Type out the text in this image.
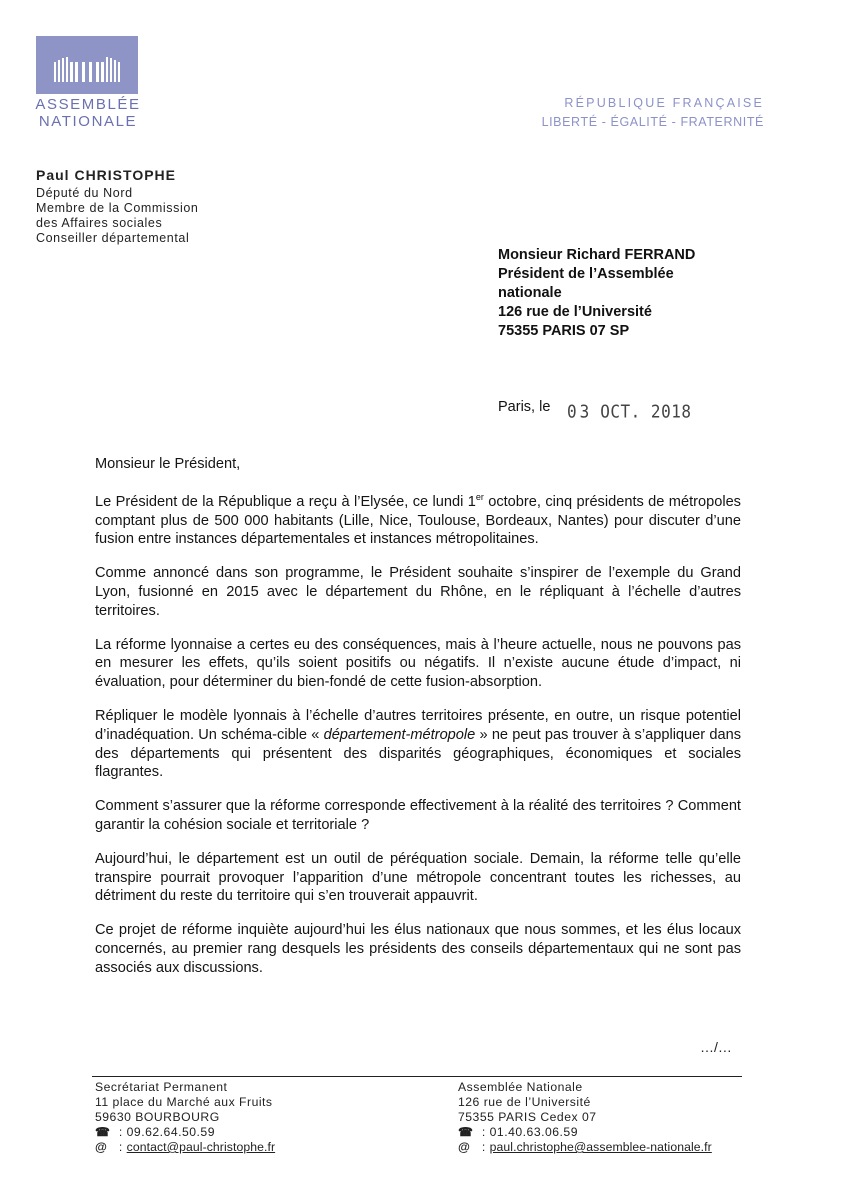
ASSEMBLÉE
NATIONALE
RÉPUBLIQUE FRANÇAISE
LIBERTÉ - ÉGALITÉ - FRATERNITÉ
Paul CHRISTOPHE
Député du Nord
Membre de la Commission
des Affaires sociales
Conseiller départemental
Monsieur Richard FERRAND
Président de l’Assemblée
nationale
126 rue de l’Université
75355 PARIS 07 SP
Paris, le 03 OCT. 2018

Monsieur le Président,

Le Président de la République a reçu à l’Elysée, ce lundi 1er octobre, cinq présidents de métropoles comptant plus de 500 000 habitants (Lille, Nice, Toulouse, Bordeaux, Nantes) pour discuter d’une fusion entre instances départementales et instances métropolitaines.

Comme annoncé dans son programme, le Président souhaite s’inspirer de l’exemple du Grand Lyon, fusionné en 2015 avec le département du Rhône, en le répliquant à l’échelle d’autres territoires.

La réforme lyonnaise a certes eu des conséquences, mais à l’heure actuelle, nous ne pouvons pas en mesurer les effets, qu’ils soient positifs ou négatifs. Il n’existe aucune étude d’impact, ni évaluation, pour déterminer du bien-fondé de cette fusion-absorption.

Répliquer le modèle lyonnais à l’échelle d’autres territoires présente, en outre, un risque potentiel d’inadéquation. Un schéma-cible « département-métropole » ne peut pas trouver à s’appliquer dans des départements qui présentent des disparités géographiques, économiques et sociales flagrantes.

Comment s’assurer que la réforme corresponde effectivement à la réalité des territoires ? Comment garantir la cohésion sociale et territoriale ?

Aujourd’hui, le département est un outil de péréquation sociale. Demain, la réforme telle qu’elle transpire pourrait provoquer l’apparition d’une métropole concentrant toutes les richesses, au détriment du reste du territoire qui s’en trouverait appauvrit.

Ce projet de réforme inquiète aujourd’hui les élus nationaux que nous sommes, et les élus locaux concernés, au premier rang desquels les présidents des conseils départementaux qui ne sont pas associés aux discussions.

…/…
Secrétariat Permanent
11 place du Marché aux Fruits
59630 BOURBOURG
☎ : 09.62.64.50.59
@ : contact@paul-christophe.fr
Assemblée Nationale
126 rue de l’Université
75355 PARIS Cedex 07
☎ : 01.40.63.06.59
@ : paul.christophe@assemblee-nationale.fr
